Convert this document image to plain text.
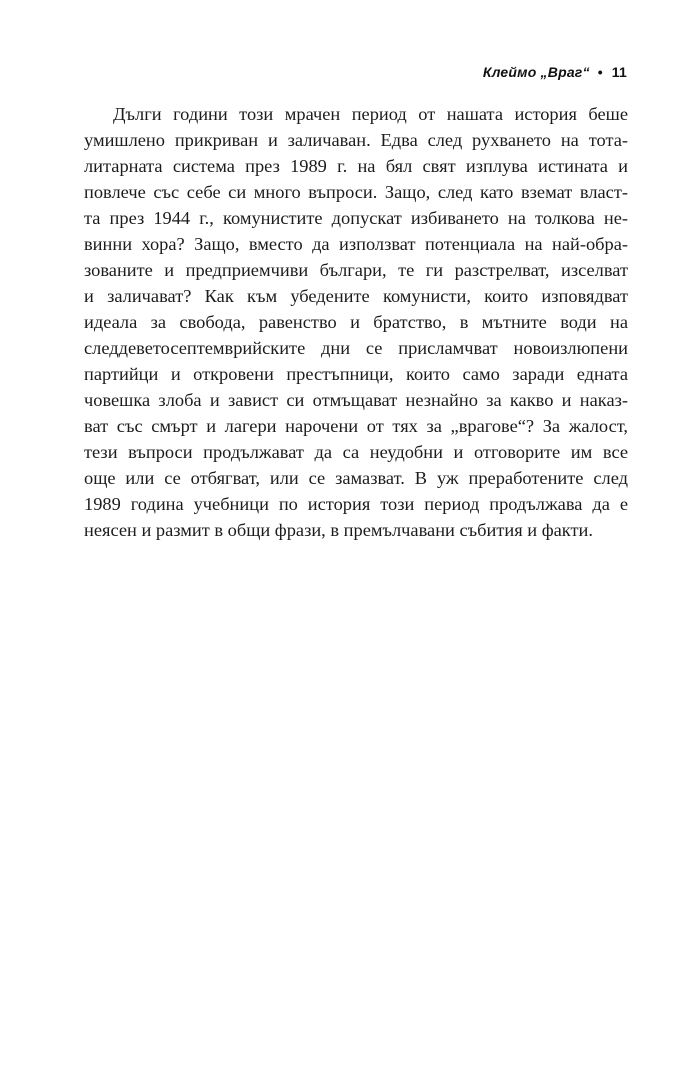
Клеймо „Враг“ • 11

Дълги години този мрачен период от нашата история беше
умишлено прикриван и заличаван. Едва след рухването на тота-
литарната система през 1989 г. на бял свят изплува истината и
повлече със себе си много въпроси. Защо, след като вземат власт-
та през 1944 г., комунистите допускат избиването на толкова не-
винни хора? Защо, вместо да използват потенциала на най-обра-
зованите и предприемчиви българи, те ги разстрелват, изселват
и заличават? Как към убедените комунисти, които изповядват
идеала за свобода, равенство и братство, в мътните води на
следдеветосептемврийските дни се присламчват новоизлюпени
партийци и откровени престъпници, които само заради едната
човешка злоба и завист си отмъщават незнайно за какво и наказ-
ват със смърт и лагери нарочени от тях за „врагове“? За жалост,
тези въпроси продължават да са неудобни и отговорите им все
още или се отбягват, или се замазват. В уж преработените след
1989 година учебници по история този период продължава да е
неясен и размит в общи фрази, в премълчавани събития и факти.
